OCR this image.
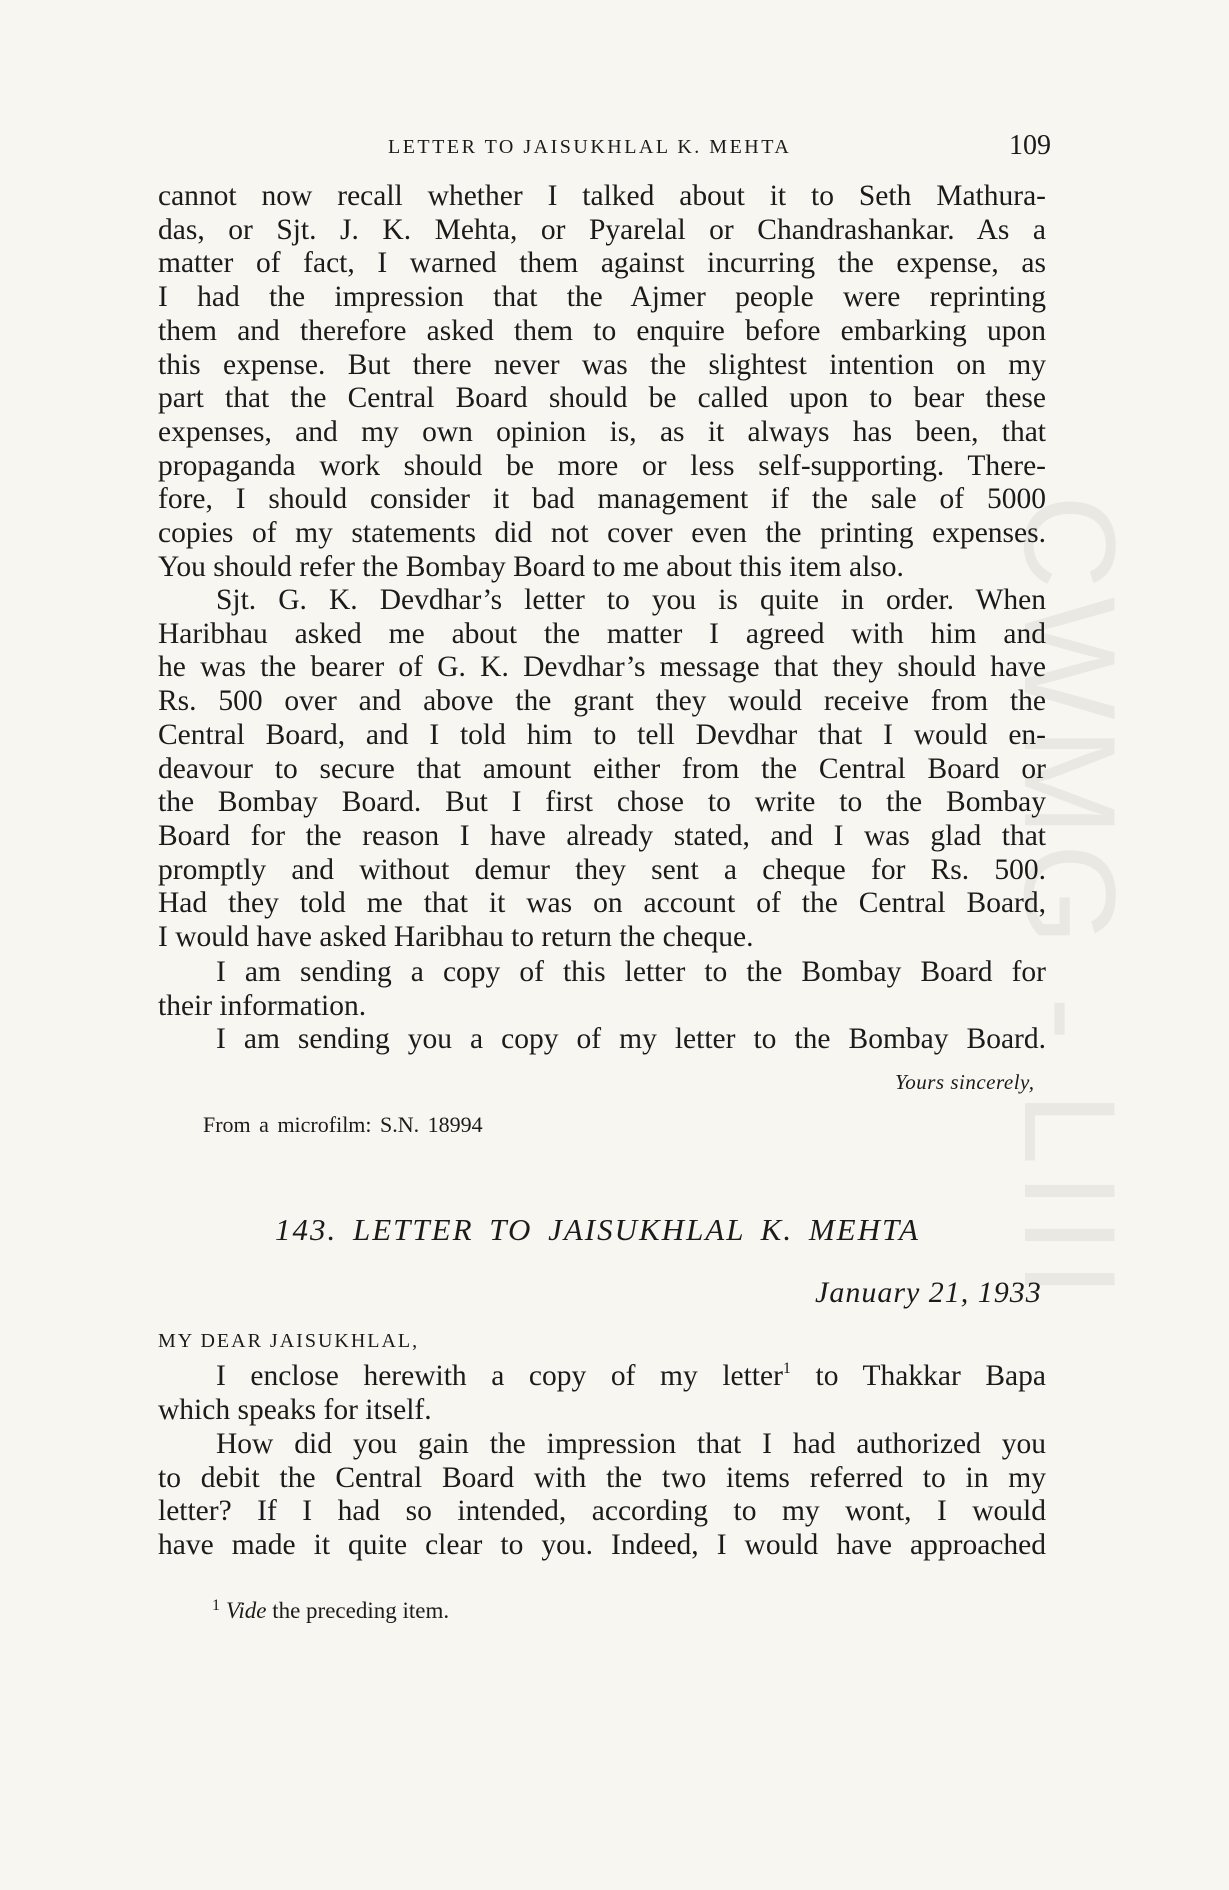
CWMG - LIII
LETTER TO JAISUKHLAL K. MEHTA	109
cannot now recall whether I talked about it to Seth Mathura-
das, or Sjt. J. K. Mehta, or Pyarelal or Chandrashankar. As a
matter of fact, I warned them against incurring the expense, as
I had the impression that the Ajmer people were reprinting
them and therefore asked them to enquire before embarking upon
this expense. But there never was the slightest intention on my
part that the Central Board should be called upon to bear these
expenses, and my own opinion is, as it always has been, that
propaganda work should be more or less self-supporting. There-
fore, I should consider it bad management if the sale of 5000
copies of my statements did not cover even the printing expenses.
You should refer the Bombay Board to me about this item also.
Sjt. G. K. Devdhar’s letter to you is quite in order. When
Haribhau asked me about the matter I agreed with him and
he was the bearer of G. K. Devdhar’s message that they should have
Rs. 500 over and above the grant they would receive from the
Central Board, and I told him to tell Devdhar that I would en-
deavour to secure that amount either from the Central Board or
the Bombay Board. But I first chose to write to the Bombay
Board for the reason I have already stated, and I was glad that
promptly and without demur they sent a cheque for Rs. 500.
Had they told me that it was on account of the Central Board,
I would have asked Haribhau to return the cheque.
I am sending a copy of this letter to the Bombay Board for
their information.
I am sending you a copy of my letter to the Bombay Board.
Yours sincerely,
From a microfilm: S.N. 18994
143. LETTER TO JAISUKHLAL K. MEHTA
January 21, 1933
MY DEAR JAISUKHLAL,
I enclose herewith a copy of my letter$^1$ to Thakkar Bapa
which speaks for itself.
How did you gain the impression that I had authorized you
to debit the Central Board with the two items referred to in my
letter? If I had so intended, according to my wont, I would
have made it quite clear to you. Indeed, I would have approached
$^1$ Vide the preceding item.
